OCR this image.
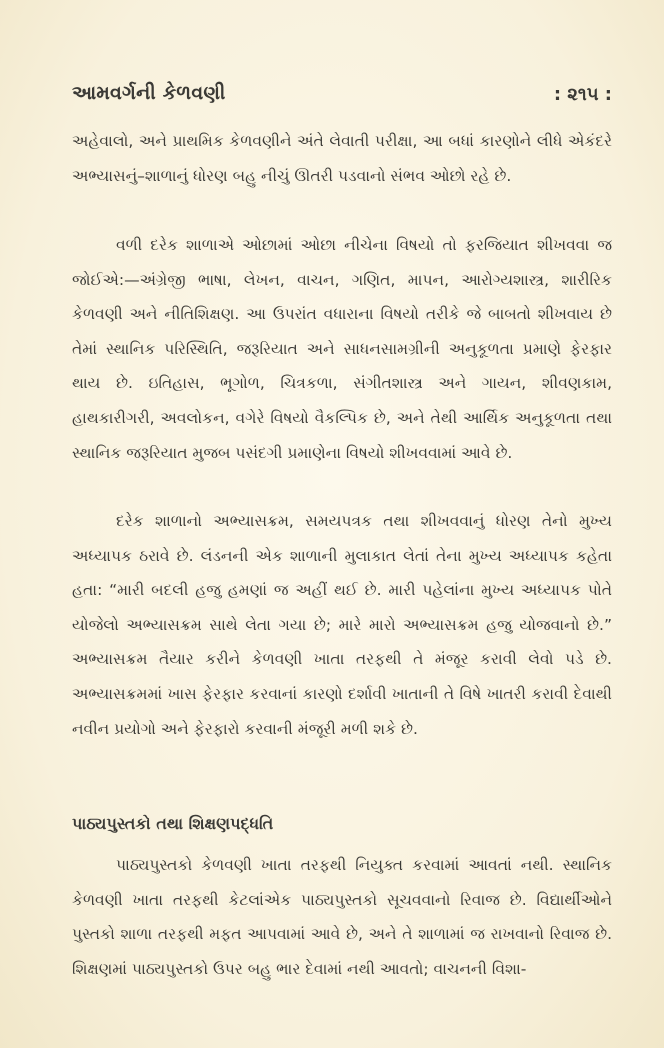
આમવર્ગની કેળવણી	: ૨૧૫ :

અહેવાલો, અને પ્રાથમિક કેળવણીને અંતે લેવાતી પરીક્ષા, આ બધાં કારણોને લીધે એકંદરે અભ્યાસનું–શાળાનું ધોરણ બહુ નીચું ઊતરી પડવાનો સંભવ ઓછો રહે છે.

વળી દરેક શાળાએ ઓછામાં ઓછા નીચેના વિષયો તો ફરજિયાત શીખવવા જ જોઈએ:—અંગ્રેજી ભાષા, લેખન, વાચન, ગણિત, માપન, આરોગ્યશાસ્ત્ર, શારીરિક કેળવણી અને નીતિશિક્ષણ. આ ઉપરાંત વધારાના વિષયો તરીકે જે બાબતો શીખવાય છે તેમાં સ્થાનિક પરિસ્થિતિ, જરૂરિયાત અને સાધનસામગ્રીની અનુકૂળતા પ્રમાણે ફેરફાર થાય છે. ઇતિહાસ, ભૂગોળ, ચિત્રકળા, સંગીતશાસ્ત્ર અને ગાયન, શીવણકામ, હાથકારીગરી, અવલોકન, વગેરે વિષયો વૈકલ્પિક છે, અને તેથી આર્થિક અનુકૂળતા તથા સ્થાનિક જરૂરિયાત મુજબ પસંદગી પ્રમાણેના વિષયો શીખવવામાં આવે છે.

દરેક શાળાનો અભ્યાસક્રમ, સમયપત્રક તથા શીખવવાનું ધોરણ તેનો મુખ્ય અધ્યાપક ઠરાવે છે. લંડનની એક શાળાની મુલાકાત લેતાં તેના મુખ્ય અધ્યાપક કહેતા હતા: “મારી બદલી હજુ હમણાં જ અહીં થઈ છે. મારી પહેલાંના મુખ્ય અધ્યાપક પોતે યોજેલો અભ્યાસક્રમ સાથે લેતા ગયા છે; મારે મારો અભ્યાસક્રમ હજુ યોજવાનો છે.” અભ્યાસક્રમ તૈયાર કરીને કેળવણી ખાતા તરફથી તે મંજૂર કરાવી લેવો પડે છે. અભ્યાસક્રમમાં ખાસ ફેરફાર કરવાનાં કારણો દર્શાવી ખાતાની તે વિષે ખાતરી કરાવી દેવાથી નવીન પ્રયોગો અને ફેરફારો કરવાની મંજૂરી મળી શકે છે.

પાઠ્યપુસ્તકો તથા શિક્ષણપદ્ધતિ

પાઠ્યપુસ્તકો કેળવણી ખાતા તરફથી નિયુક્ત કરવામાં આવતાં નથી. સ્થાનિક કેળવણી ખાતા તરફથી કેટલાંએક પાઠ્યપુસ્તકો સૂચવવાનો રિવાજ છે. વિદ્યાર્થીઓને પુસ્તકો શાળા તરફથી મફત આપવામાં આવે છે, અને તે શાળામાં જ રાખવાનો રિવાજ છે. શિક્ષણમાં પાઠ્યપુસ્તકો ઉપર બહુ ભાર દેવામાં નથી આવતો; વાચનની વિશા-
